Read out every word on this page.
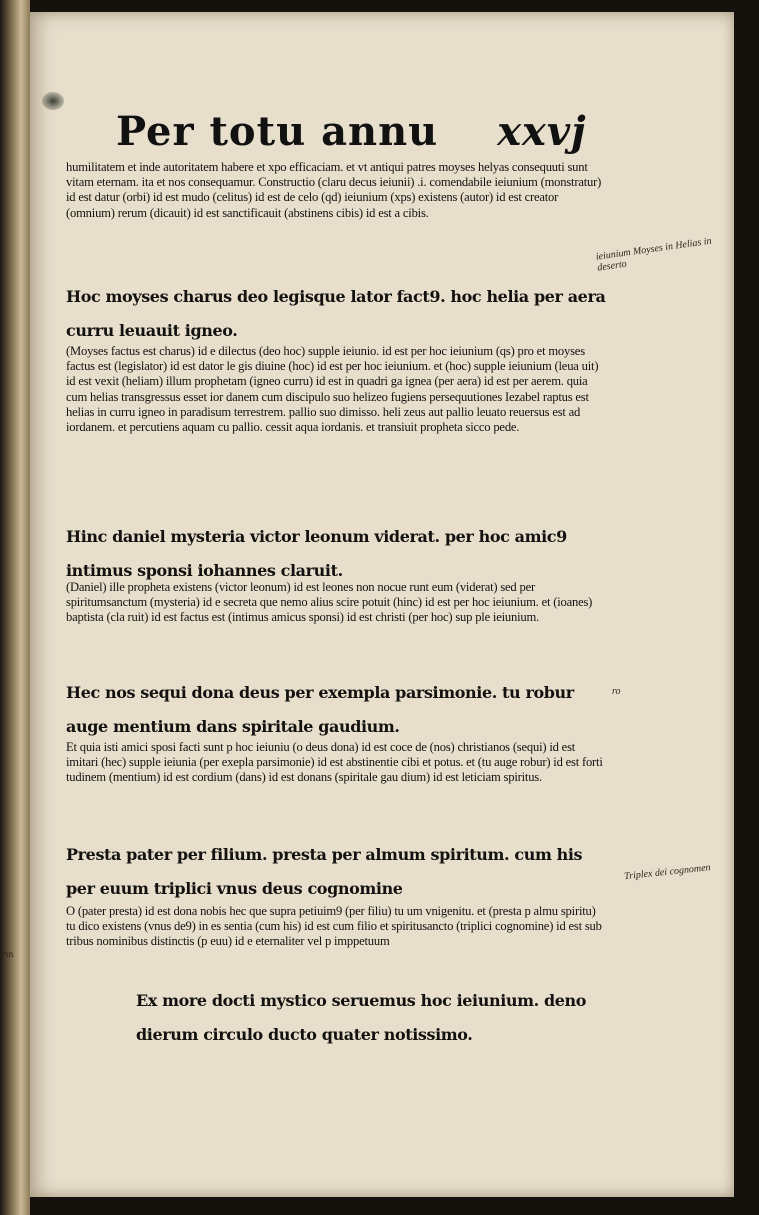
rin
Per totu annu xxvj

humilitatem et inde autoritatem habere et xpo efficaciam. et vt antiqui patres moyses helyas consequuti sunt vitam eternam. ita et nos consequamur. Constructio (claru decus ieiunii) .i. comendabile ieiunium (monstratur) id est datur (orbi) id est mudo (celitus) id est de celo (qd) ieiunium (xps) existens (autor) id est creator (omnium) rerum (dicauit) id est sanctificauit (abstinens cibis) id est a cibis.

Hoc moyses charus deo legisque lator fact9. hoc helia per aera curru leuauit igneo.

(Moyses factus est charus) id e dilectus (deo hoc) supple ieiunio. id est per hoc ieiunium (qs) pro et moyses factus est (legislator) id est dator le gis diuine (hoc) id est per hoc ieiunium. et (hoc) supple ieiunium (leua uit) id est vexit (heliam) illum prophetam (igneo curru) id est in quadri ga ignea (per aera) id est per aerem. quia cum helias transgressus esset ior danem cum discipulo suo helizeo fugiens persequutiones Iezabel raptus est helias in curru igneo in paradisum terrestrem. pallio suo dimisso. heli zeus aut pallio leuato reuersus est ad iordanem. et percutiens aquam cu pallio. cessit aqua iordanis. et transiuit propheta sicco pede.

Hinc daniel mysteria victor leonum viderat. per hoc amic9 intimus sponsi iohannes claruit.

(Daniel) ille propheta existens (victor leonum) id est leones non nocue runt eum (viderat) sed per spiritumsanctum (mysteria) id e secreta que nemo alius scire potuit (hinc) id est per hoc ieiunium. et (ioanes) baptista (cla ruit) id est factus est (intimus amicus sponsi) id est christi (per hoc) sup ple ieiunium.

Hec nos sequi dona deus per exempla parsimonie. tu robur auge mentium dans spiritale gaudium.

Et quia isti amici sposi facti sunt p hoc ieiuniu (o deus dona) id est coce de (nos) christianos (sequi) id est imitari (hec) supple ieiunia (per exepla parsimonie) id est abstinentie cibi et potus. et (tu auge robur) id est forti tudinem (mentium) id est cordium (dans) id est donans (spiritale gau dium) id est leticiam spiritus.

Presta pater per filium. presta per almum spiritum. cum his per euum triplici vnus deus cognomine

O (pater presta) id est dona nobis hec que supra petiuim9 (per filiu) tu um vnigenitu. et (presta p almu spiritu) tu dico existens (vnus de9) in es sentia (cum his) id est cum filio et spiritusancto (triplici cognomine) id est sub tribus nominibus distinctis (p euu) id e eternaliter vel p imppetuum

Ex more docti mystico seruemus hoc ieiunium. deno dierum circulo ducto quater notissimo.

ieiunium Moyses in Helias in deserto
ro
Triplex dei cognomen
